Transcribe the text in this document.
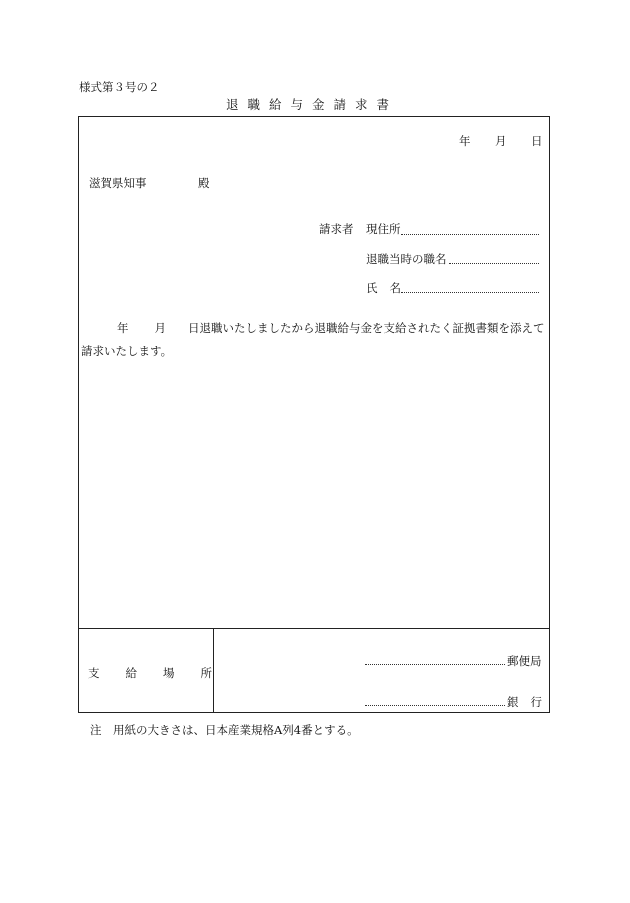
様式第３号の２
退職給与金請求書
年 月 日
滋賀県知事	殿
請求者 現住所
退職当時の職名
氏名
年 月 日退職いたしましたから退職給与金を支給されたく証拠書類を添えて
請求いたします。
支給場所
郵便局
銀行
注　用紙の大きさは、日本産業規格A列4番とする。
